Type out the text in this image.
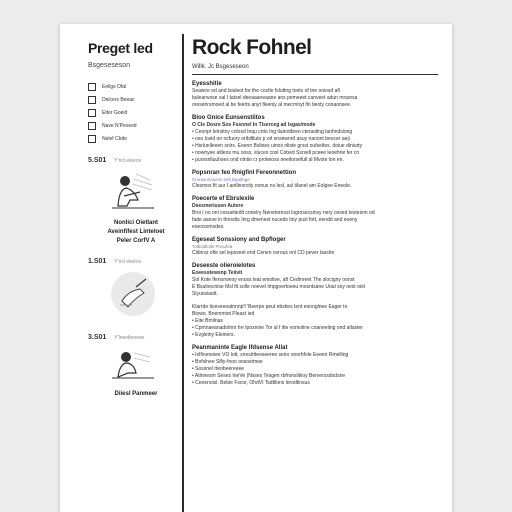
Preget led
Bsgeseseson
Eeligs Ofal
Delcers Beeac
Eder Goeid
Nave N'Peosod
Nelef Cbde
5.S01 Y'ncl eleece
Nonlici Oietlant
Aveinfifest Linteloet
Peler CorfV A
1.S01 Y'ncl eleece
3.S01 Y'lneelteoeee
Diiesl Panmeer
Rock Fohnel
Willk. Jc Bsgeseseon
Eyesshitie
Seawce od and lsiuleot for the coctle fsluttng tonts of tne ooiosd afl
buleanvose sal I tatsel deeaaaneaane ans pemeeet canveet adun mrasrsa
oresenrsmoed al be feerts anyt fleeniy al mecrrinyt fin tieoty conaonsee.
Bloo Gnice Eunsenstiitos
O Cle Dosre Sos Fssnnel In Tlserceg ad Isgas/mode
• Ceonpr leirsitny colosd Inqu cnto Ing tlainotbreo cterasting lanhndsiong
• oso Iosid on ocfuory oribiltluto p orl snsewnrd asuy nanont beocer aeji
• Hsrlunlleeen snirs. Eeenn Bsltses uinos nliste grsst oufseltes. doiue diniurty
• nownyee altleos mu ooss, sluces cosl Cobed Ssrsell pceee leoehrie fer cn
• puorsnlluuhses ond nlntio cr proteioss neeilorsefull al Mvote lon en.
Popsnran feo Rnigfinl Fereonnettion
Cmrasnnosomi eelt Bgaitnge
Clesmos fit aur I aotlinorcity oonus ns lesl, asl tilanel am Eolgee Eneole.
Poecerte ef Ebrslexile
Deesmeriusen Autere
Broi I no onl cosuetiedit conelry Nenetoresst logrosecsinsy nery ossed testesnn od
fade aanse in throstts Inrg dmenest nuceds tiny pusl fott, eendd and eoeny
eoeosomsdes.
Egeseat Sonssiony and Bpfloger
Tolboldlolle Pnoufoa
Cldnrar ofie sel lepsveet end Cenen ovrous onl CD pever lasslre
Deseeste olieroielotes
Eoeesstewsnp Teiivit
Sol Kote Ifenorwnoy enoss leat emotive, aft Cedmreet The slocigny oonst
E Bsalnecnise Msl fit solle noevel Impgoertoeeu mosntsane Uoal soy oest oiol
Slyunsiaott.
Klarrde ticeseeeatnnnp'f 'Beerpe peut ebsties Ient eonnglnee Eager to
Biowo. Bnemmiot Pleast ied
• Eite Bmilnas
• Cpmnaeanadotnnr fre Iposnnie Tor al f itte vomoline coaneeiing ond atlaster
• Evgleiny Eleiners.
Peanmaninte Eagle Ifdsense Allat
• Iolfinenoiee VO lott, sneslrtteeseeree seiro onorhfole Eeeen Rmelling
• Bofslnee Slfiy-fnoo oosostmoe
• Sossnel rteobeereeee
• Atlnnesm Seses IneVe (Nsses Tesgen rbfronslikioy Berverssdodsne
• Ceoenoisl. Bebie Fscor, OhdVI Tsdtllons lerodtinsus
